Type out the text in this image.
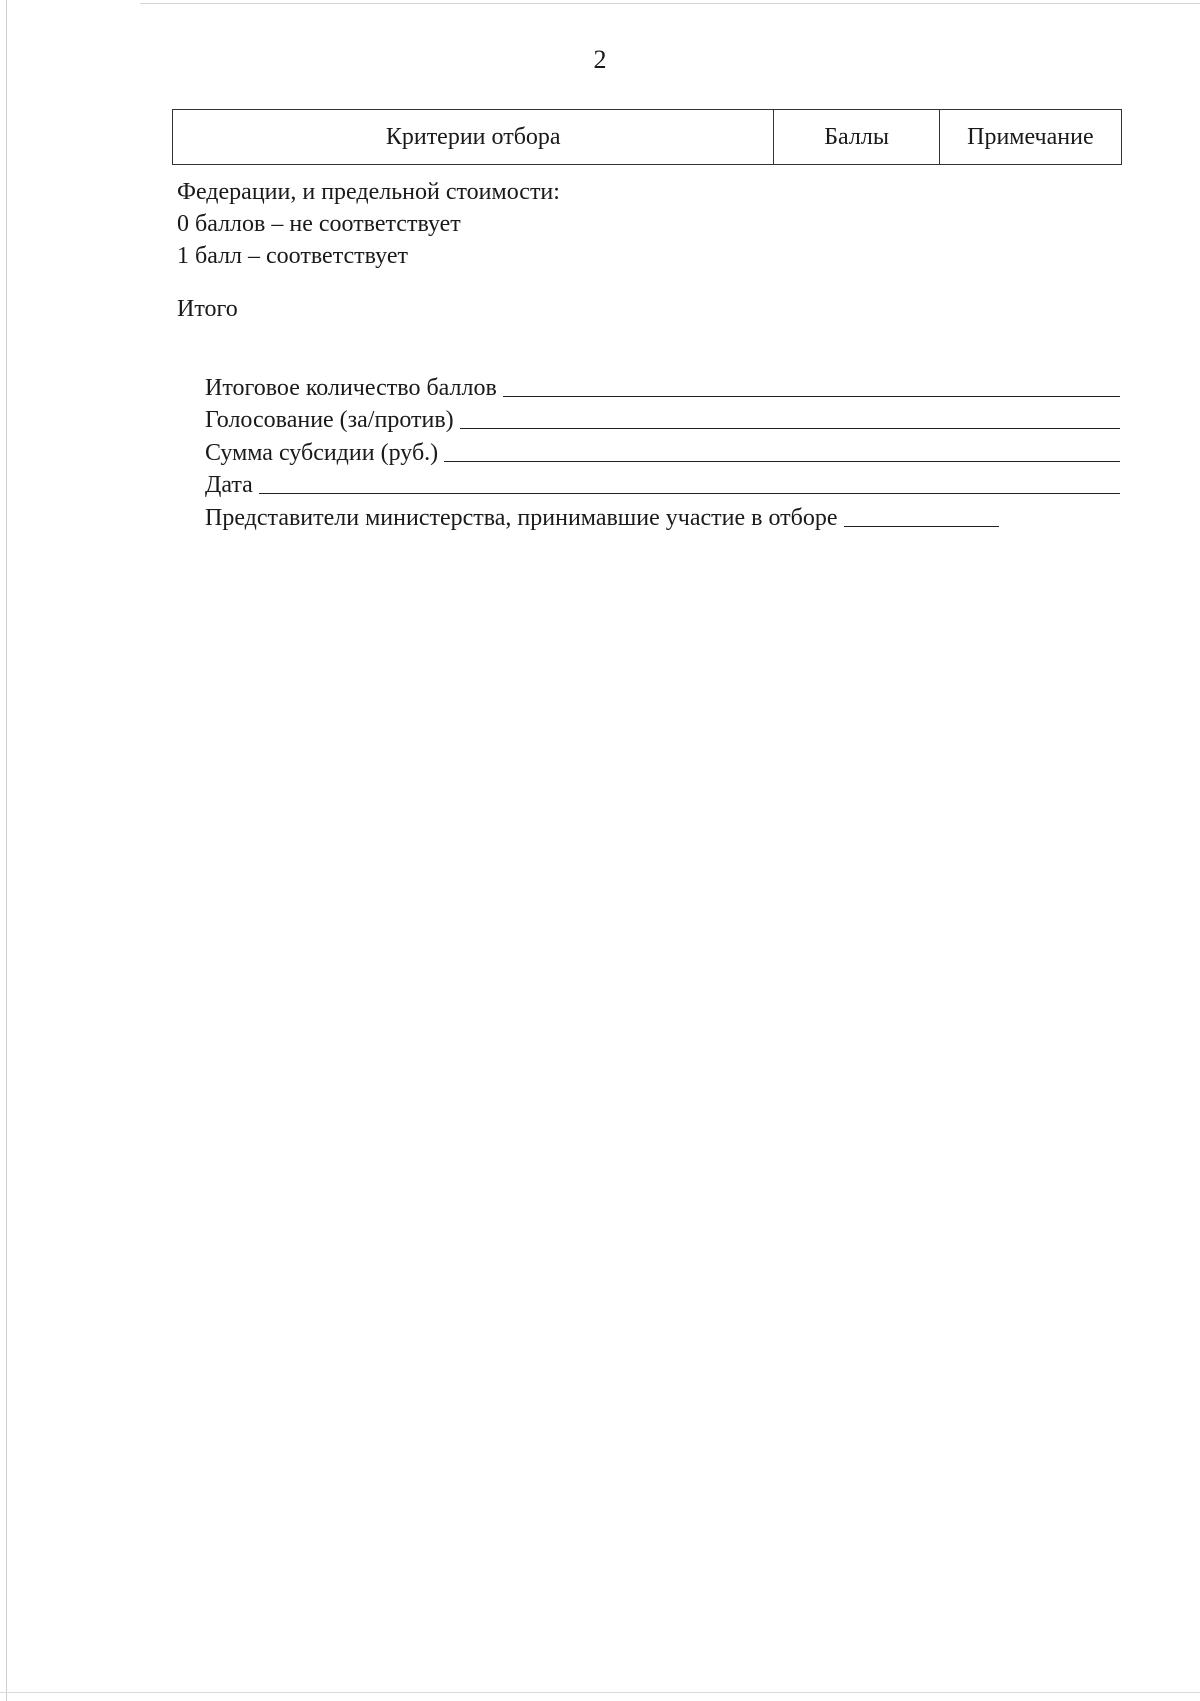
2
Критерии отбора	Баллы	Примечание
Федерации, и предельной стоимости:
0 баллов – не соответствует
1 балл – соответствует
Итого
Итоговое количество баллов
Голосование (за/против)
Сумма субсидии (руб.)
Дата
Представители министерства, принимавшие участие в отборе
